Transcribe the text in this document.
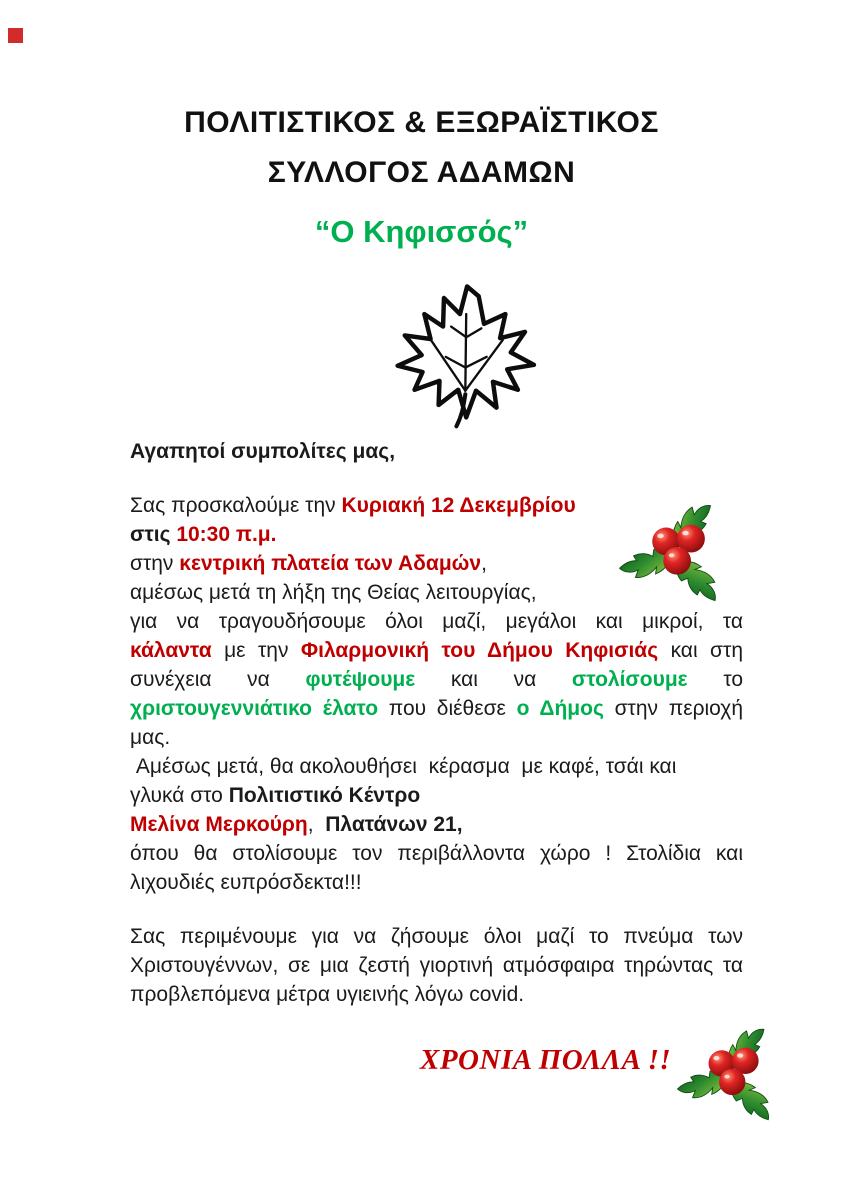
ΠΟΛΙΤΙΣΤΙΚΟΣ & ΕΞΩΡΑΪΣΤΙΚΟΣ
ΣΥΛΛΟΓΟΣ ΑΔΑΜΩΝ
“Ο Κηφισσός”
Αγαπητοί συμπολίτες μας,
Σας προσκαλούμε την Κυριακή 12 Δεκεμβρίου
στις 10:30 π.μ.
στην κεντρική πλατεία των Αδαμών,
αμέσως μετά τη λήξη της Θείας λειτουργίας,
για να τραγουδήσουμε όλοι μαζί, μεγάλοι και μικροί, τα
κάλαντα με την Φιλαρμονική του Δήμου Κηφισιάς και στη
συνέχεια να φυτέψουμε και να στολίσουμε το
χριστουγεννιάτικο έλατο που διέθεσε ο Δήμος στην περιοχή
μας.
Αμέσως μετά, θα ακολουθήσει  κέρασμα  με καφέ, τσάι και
γλυκά στο Πολιτιστικό Κέντρο
Μελίνα Μερκούρη,  Πλατάνων 21,
όπου θα στολίσουμε τον περιβάλλοντα χώρο ! Στολίδια και
λιχουδιές ευπρόσδεκτα!!!
Σας περιμένουμε για να ζήσουμε όλοι μαζί το πνεύμα των
Χριστουγέννων, σε μια ζεστή γιορτινή ατμόσφαιρα τηρώντας τα
προβλεπόμενα μέτρα υγιεινής λόγω covid.
ΧΡΟΝΙΑ ΠΟΛΛΑ !!
